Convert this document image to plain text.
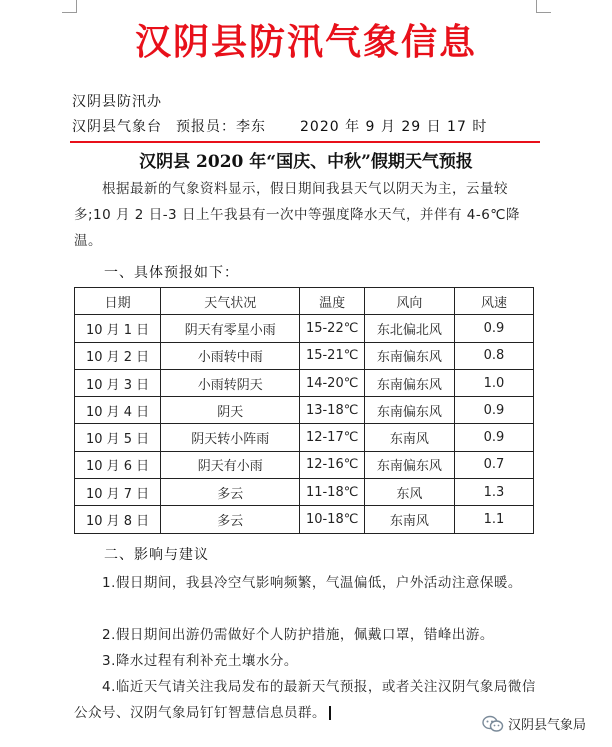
汉阴县防汛气象信息
汉阴县防汛办
汉阴县气象台 预报员：李东 2020 年 9 月 29 日 17 时
汉阴县 2020 年“国庆、中秋”假期天气预报
根据最新的气象资料显示，假日期间我县天气以阴天为主，云量较多;10 月 2 日-3 日上午我县有一次中等强度降水天气，并伴有 4-6℃降温。
一、具体预报如下：
日期	天气状况	温度	风向	风速
10 月 1 日	阴天有零星小雨	15-22℃	东北偏北风	0.9
10 月 2 日	小雨转中雨	15-21℃	东南偏东风	0.8
10 月 3 日	小雨转阴天	14-20℃	东南偏东风	1.0
10 月 4 日	阴天	13-18℃	东南偏东风	0.9
10 月 5 日	阴天转小阵雨	12-17℃	东南风	0.9
10 月 6 日	阴天有小雨	12-16℃	东南偏东风	0.7
10 月 7 日	多云	11-18℃	东风	1.3
10 月 8 日	多云	10-18℃	东南风	1.1
二、影响与建议
1.假日期间，我县冷空气影响频繁，气温偏低，户外活动注意保暖。
2.假日期间出游仍需做好个人防护措施，佩戴口罩，错峰出游。
3.降水过程有利补充土壤水分。
4.临近天气请关注我局发布的最新天气预报，或者关注汉阴气象局微信公众号、汉阴气象局钉钉智慧信息员群。
汉阴县气象局
